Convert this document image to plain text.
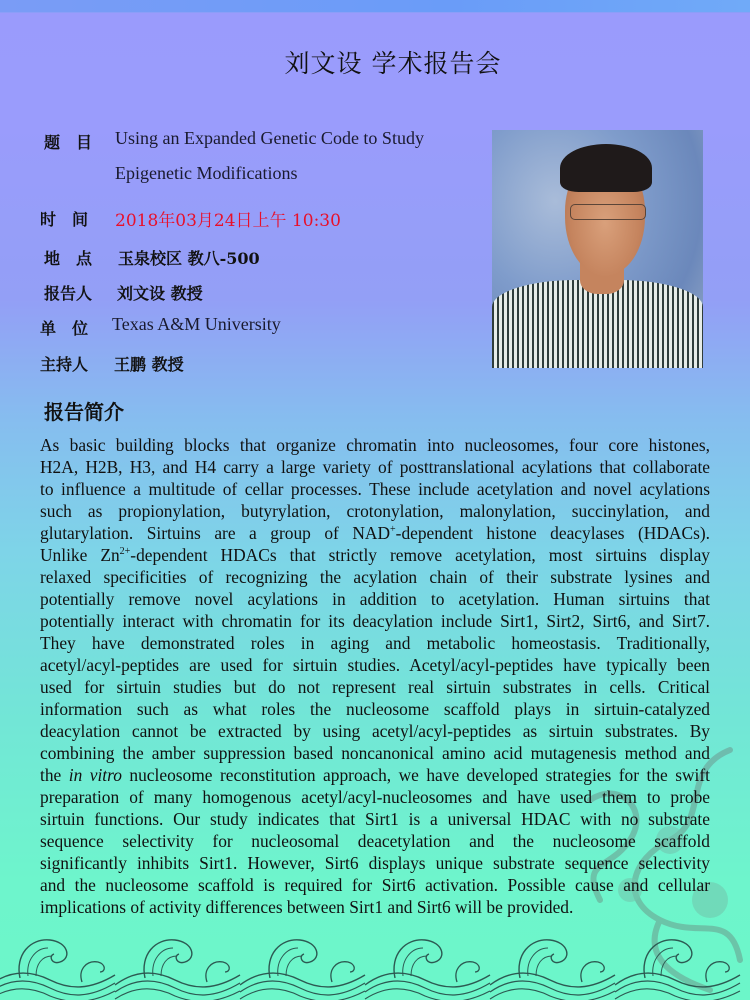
刘文设 学术报告会
题　目 Using an Expanded Genetic Code to Study
Epigenetic Modifications
时　间 2018年03月24日上午 10:30
地　点 玉泉校区 教八-500
报告人 刘文设 教授
单　位 Texas A&M University
主持人 王鹏 教授
报告简介
As basic building blocks that organize chromatin into nucleosomes, four core histones,
H2A, H2B, H3, and H4 carry a large variety of posttranslational acylations that collaborate
to influence a multitude of cellar processes. These include acetylation and novel acylations
such as propionylation, butyrylation, crotonylation, malonylation, succinylation, and
glutarylation. Sirtuins are a group of NAD+-dependent histone deacylases (HDACs).
Unlike $Zn^{2+}$-dependent HDACs that strictly remove acetylation, most sirtuins display
relaxed specificities of recognizing the acylation chain of their substrate lysines and
potentially remove novel acylations in addition to acetylation. Human sirtuins that
potentially interact with chromatin for its deacylation include Sirt1, Sirt2, Sirt6, and Sirt7.
They have demonstrated roles in aging and metabolic homeostasis. Traditionally,
acetyl/acyl-peptides are used for sirtuin studies. Acetyl/acyl-peptides have typically been
used for sirtuin studies but do not represent real sirtuin substrates in cells. Critical
information such as what roles the nucleosome scaffold plays in sirtuin-catalyzed
deacylation cannot be extracted by using acetyl/acyl-peptides as sirtuin substrates. By
combining the amber suppression based noncanonical amino acid mutagenesis method and
the in vitro nucleosome reconstitution approach, we have developed strategies for the swift
preparation of many homogenous acetyl/acyl-nucleosomes and have used them to probe
sirtuin functions. Our study indicates that Sirt1 is a universal HDAC with no substrate
sequence selectivity for nucleosomal deacetylation and the nucleosome scaffold
significantly inhibits Sirt1. However, Sirt6 displays unique substrate sequence selectivity
and the nucleosome scaffold is required for Sirt6 activation. Possible cause and cellular
implications of activity differences between Sirt1 and Sirt6 will be provided.
